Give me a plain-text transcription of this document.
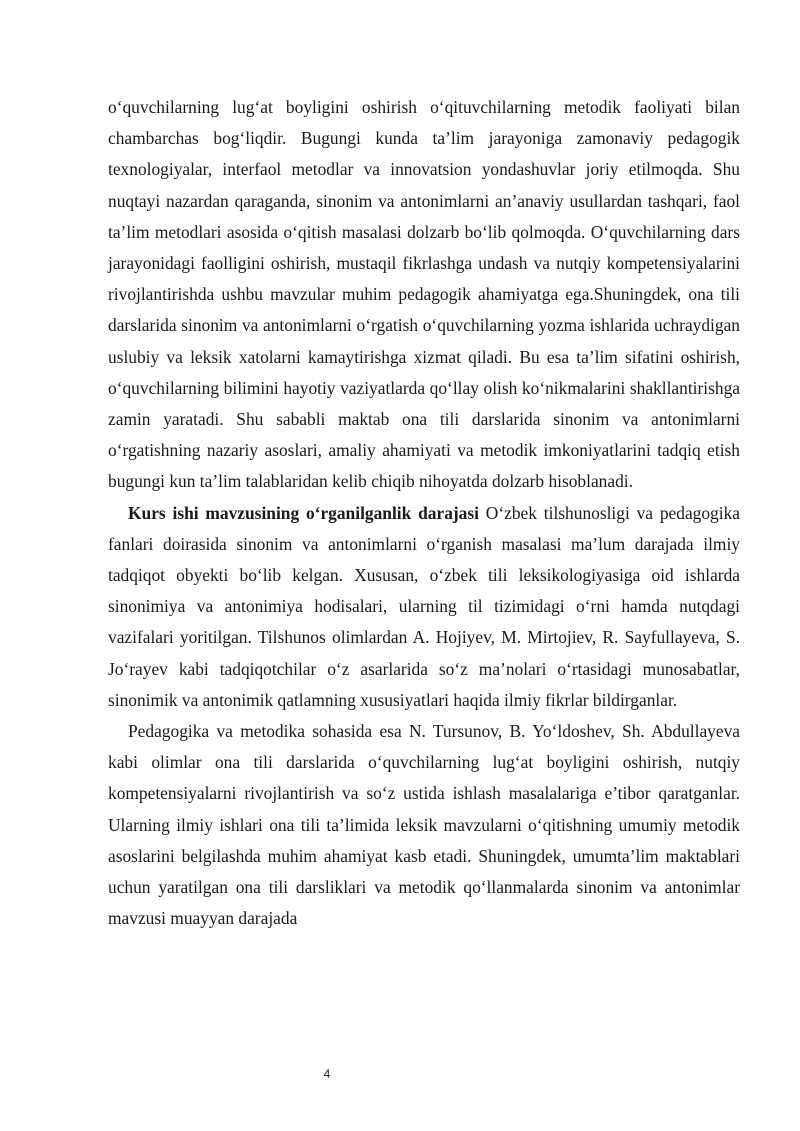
o‘quvchilarning lug‘at boyligini oshirish o‘qituvchilarning metodik faoliyati bilan chambarchas bog‘liqdir. Bugungi kunda ta’lim jarayoniga zamonaviy pedagogik texnologiyalar, interfaol metodlar va innovatsion yondashuvlar joriy etilmoqda. Shu nuqtayi nazardan qaraganda, sinonim va antonimlarni an’anaviy usullardan tashqari, faol ta’lim metodlari asosida o‘qitish masalasi dolzarb bo‘lib qolmoqda. O‘quvchilarning dars jarayonidagi faolligini oshirish, mustaqil fikrlashga undash va nutqiy kompetensiyalarini rivojlantirishda ushbu mavzular muhim pedagogik ahamiyatga ega.Shuningdek, ona tili darslarida sinonim va antonimlarni o‘rgatish o‘quvchilarning yozma ishlarida uchraydigan uslubiy va leksik xatolarni kamaytirishga xizmat qiladi. Bu esa ta’lim sifatini oshirish, o‘quvchilarning bilimini hayotiy vaziyatlarda qo‘llay olish ko‘nikmalarini shakllantirishga zamin yaratadi. Shu sababli maktab ona tili darslarida sinonim va antonimlarni o‘rgatishning nazariy asoslari, amaliy ahamiyati va metodik imkoniyatlarini tadqiq etish bugungi kun ta’lim talablaridan kelib chiqib nihoyatda dolzarb hisoblanadi.

Kurs ishi mavzusining o‘rganilganlik darajasi O‘zbek tilshunosligi va pedagogika fanlari doirasida sinonim va antonimlarni o‘rganish masalasi ma’lum darajada ilmiy tadqiqot obyekti bo‘lib kelgan. Xususan, o‘zbek tili leksikologiyasiga oid ishlarda sinonimiya va antonimiya hodisalari, ularning til tizimidagi o‘rni hamda nutqdagi vazifalari yoritilgan. Tilshunos olimlardan A. Hojiyev, M. Mirtojiev, R. Sayfullayeva, S. Jo‘rayev kabi tadqiqotchilar o‘z asarlarida so‘z ma’nolari o‘rtasidagi munosabatlar, sinonimik va antonimik qatlamning xususiyatlari haqida ilmiy fikrlar bildirganlar.

Pedagogika va metodika sohasida esa N. Tursunov, B. Yo‘ldoshev, Sh. Abdullayeva kabi olimlar ona tili darslarida o‘quvchilarning lug‘at boyligini oshirish, nutqiy kompetensiyalarni rivojlantirish va so‘z ustida ishlash masalalariga e’tibor qaratganlar. Ularning ilmiy ishlari ona tili ta’limida leksik mavzularni o‘qitishning umumiy metodik asoslarini belgilashda muhim ahamiyat kasb etadi. Shuningdek, umumta’lim maktablari uchun yaratilgan ona tili darsliklari va metodik qo‘llanmalarda sinonim va antonimlar mavzusi muayyan darajada

4
